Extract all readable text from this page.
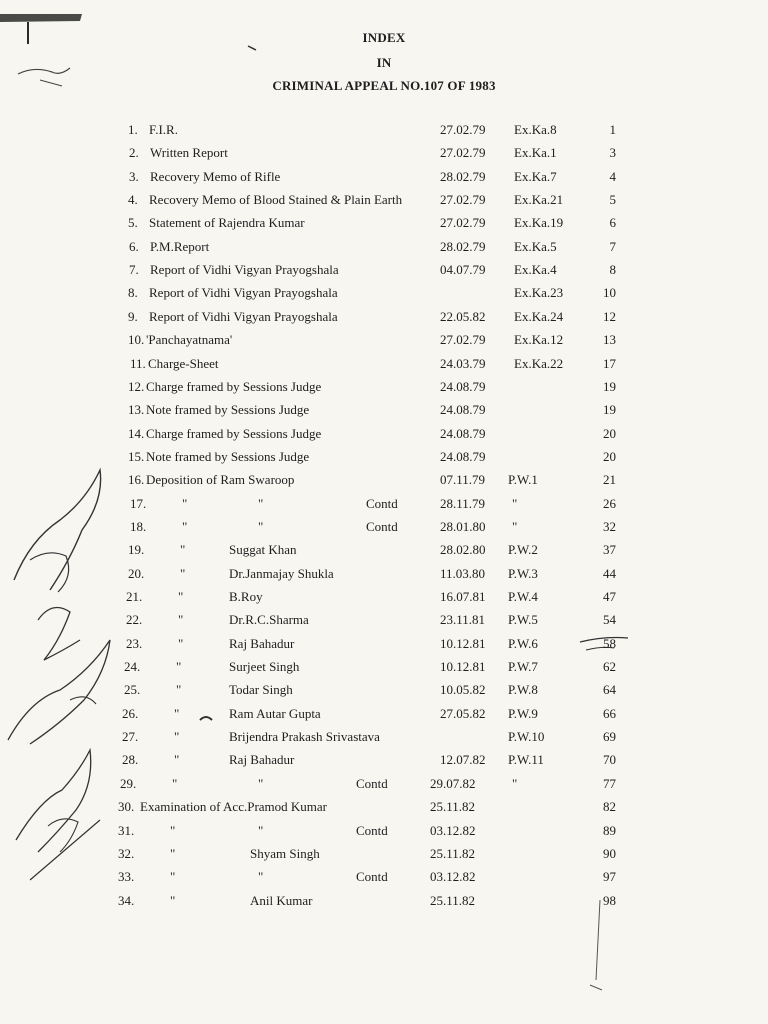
INDEX
IN
CRIMINAL APPEAL NO.107 OF 1983
1. F.I.R.	27.02.79 Ex.Ka.8	1
2. Written Report	27.02.79 Ex.Ka.1	3
3. Recovery Memo of Rifle	28.02.79 Ex.Ka.7	4
4. Recovery Memo of Blood Stained & Plain Earth	27.02.79 Ex.Ka.21	5
5. Statement of Rajendra Kumar	27.02.79 Ex.Ka.19	6
6. P.M.Report	28.02.79 Ex.Ka.5	7
7. Report of Vidhi Vigyan Prayogshala	04.07.79 Ex.Ka.4	8
8. Report of Vidhi Vigyan Prayogshala	Ex.Ka.23	10
9. Report of Vidhi Vigyan Prayogshala	22.05.82 Ex.Ka.24	12
10. 'Panchayatnama'	27.02.79 Ex.Ka.12	13
11. Charge-Sheet	24.03.79 Ex.Ka.22	17
12. Charge framed by Sessions Judge	24.08.79	19
13. Note framed by Sessions Judge	24.08.79	19
14. Charge framed by Sessions Judge	24.08.79	20
15. Note framed by Sessions Judge	24.08.79	20
16. Deposition of Ram Swaroop	07.11.79 P.W.1	21
17.	"	"	Contd	28.11.79 "	26
18.	"	"	Contd	28.01.80 "	32
19.	"	Suggat Khan	28.02.80 P.W.2	37
20.	"	Dr.Janmajay Shukla	11.03.80 P.W.3	44
21.	"	B.Roy	16.07.81 P.W.4	47
22.	"	Dr.R.C.Sharma	23.11.81 P.W.5	54
23.	"	Raj Bahadur	10.12.81 P.W.6	58
24.	"	Surjeet Singh	10.12.81 P.W.7	62
25.	"	Todar Singh	10.05.82 P.W.8	64
26.	"	Ram Autar Gupta	27.05.82 P.W.9	66
27.	"	Brijendra Prakash Srivastava	P.W.10	69
28.	"	Raj Bahadur	12.07.82 P.W.11	70
29.	"	"	Contd	29.07.82	"	77
30. Examination of Acc.Pramod Kumar	25.11.82	82
31.	"	"	Contd	03.12.82	89
32.	"	Shyam Singh	25.11.82	90
33.	"	"	Contd	03.12.82	97
34.	"	Anil Kumar	25.11.82	98
